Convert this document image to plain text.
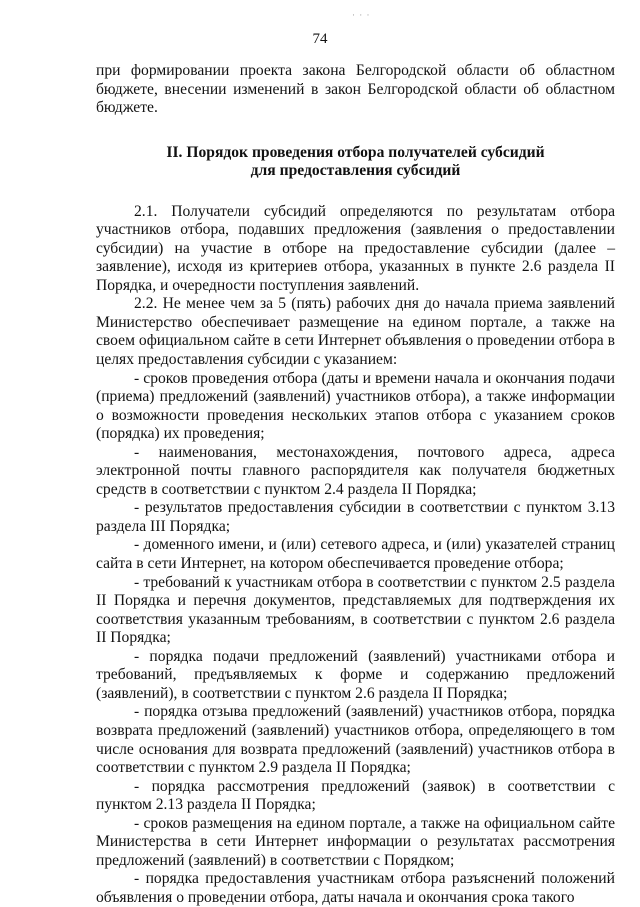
· · ·
74

при формировании проекта закона Белгородской области об областном бюджете, внесении изменений в закон Белгородской области об областном бюджете.

II. Порядок проведения отбора получателей субсидий
для предоставления субсидий

2.1. Получатели субсидий определяются по результатам отбора участников отбора, подавших предложения (заявления о предоставлении субсидии) на участие в отборе на предоставление субсидии (далее – заявление), исходя из критериев отбора, указанных в пункте 2.6 раздела II Порядка, и очередности поступления заявлений.

2.2. Не менее чем за 5 (пять) рабочих дня до начала приема заявлений Министерство обеспечивает размещение на едином портале, а также на своем официальном сайте в сети Интернет объявления о проведении отбора в целях предоставления субсидии с указанием:

- сроков проведения отбора (даты и времени начала и окончания подачи (приема) предложений (заявлений) участников отбора), а также информации о возможности проведения нескольких этапов отбора с указанием сроков (порядка) их проведения;

- наименования, местонахождения, почтового адреса, адреса электронной почты главного распорядителя как получателя бюджетных средств в соответствии с пунктом 2.4 раздела II Порядка;

- результатов предоставления субсидии в соответствии с пунктом 3.13 раздела III Порядка;

- доменного имени, и (или) сетевого адреса, и (или) указателей страниц сайта в сети Интернет, на котором обеспечивается проведение отбора;

- требований к участникам отбора в соответствии с пунктом 2.5 раздела II Порядка и перечня документов, представляемых для подтверждения их соответствия указанным требованиям, в соответствии с пунктом 2.6 раздела II Порядка;

- порядка подачи предложений (заявлений) участниками отбора и требований, предъявляемых к форме и содержанию предложений (заявлений), в соответствии с пунктом 2.6 раздела II Порядка;

- порядка отзыва предложений (заявлений) участников отбора, порядка возврата предложений (заявлений) участников отбора, определяющего в том числе основания для возврата предложений (заявлений) участников отбора в соответствии с пунктом 2.9 раздела II Порядка;

- порядка рассмотрения предложений (заявок) в соответствии с пунктом 2.13 раздела II Порядка;

- сроков размещения на едином портале, а также на официальном сайте Министерства в сети Интернет информации о результатах рассмотрения предложений (заявлений) в соответствии с Порядком;

- порядка предоставления участникам отбора разъяснений положений объявления о проведении отбора, даты начала и окончания срока такого
